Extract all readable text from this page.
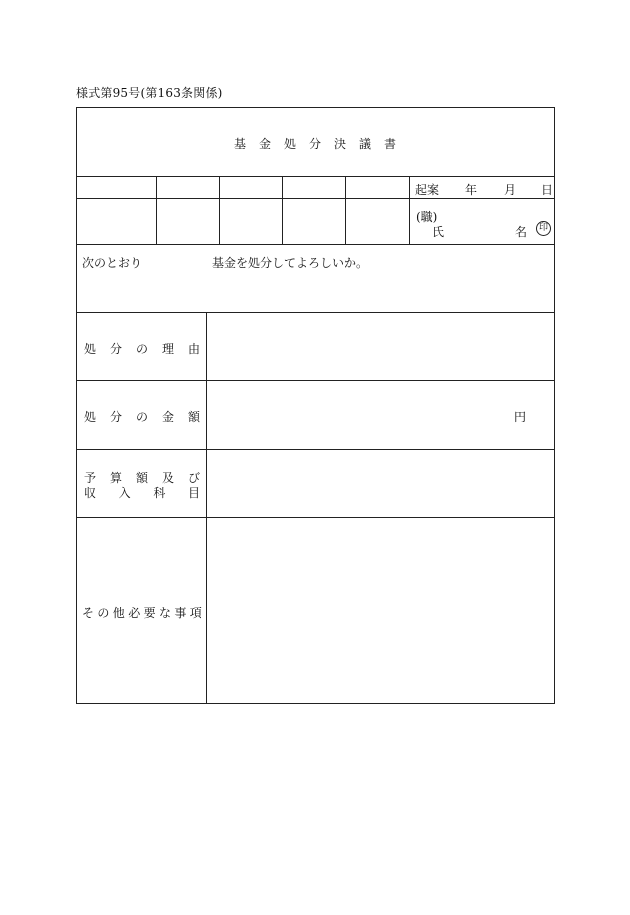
様式第95号(第163条関係)
基金処分決議書
起案 年 月 日
(職)
氏	名	印
次のとおり	基金を処分してよろしいか。
処 分 の 理 由
処 分 の 金 額	円
予 算 額 及 び
収 入 科 目
その他必要な事項
